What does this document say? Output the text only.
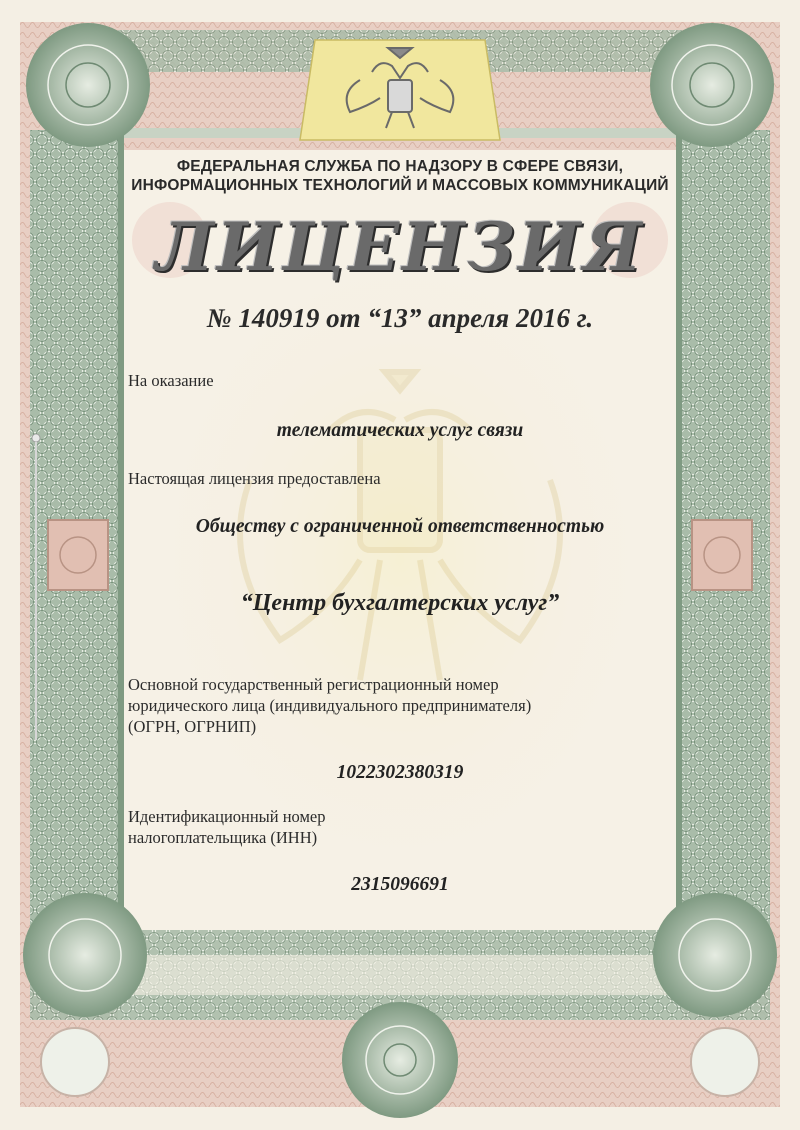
ФЕДЕРАЛЬНАЯ СЛУЖБА ПО НАДЗОРУ В СФЕРЕ СВЯЗИ,
ИНФОРМАЦИОННЫХ ТЕХНОЛОГИЙ И МАССОВЫХ КОММУНИКАЦИЙ
ЛИЦЕНЗИЯ
№ 140919 от “13” апреля 2016 г.
На оказание
телематических услуг связи
Настоящая лицензия предоставлена
Обществу с ограниченной ответственностью
“Центр бухгалтерских услуг”
Основной государственный регистрационный номер
юридического лица (индивидуального предпринимателя)
(ОГРН, ОГРНИП)
1022302380319
Идентификационный номер
налогоплательщика (ИНН)
2315096691
